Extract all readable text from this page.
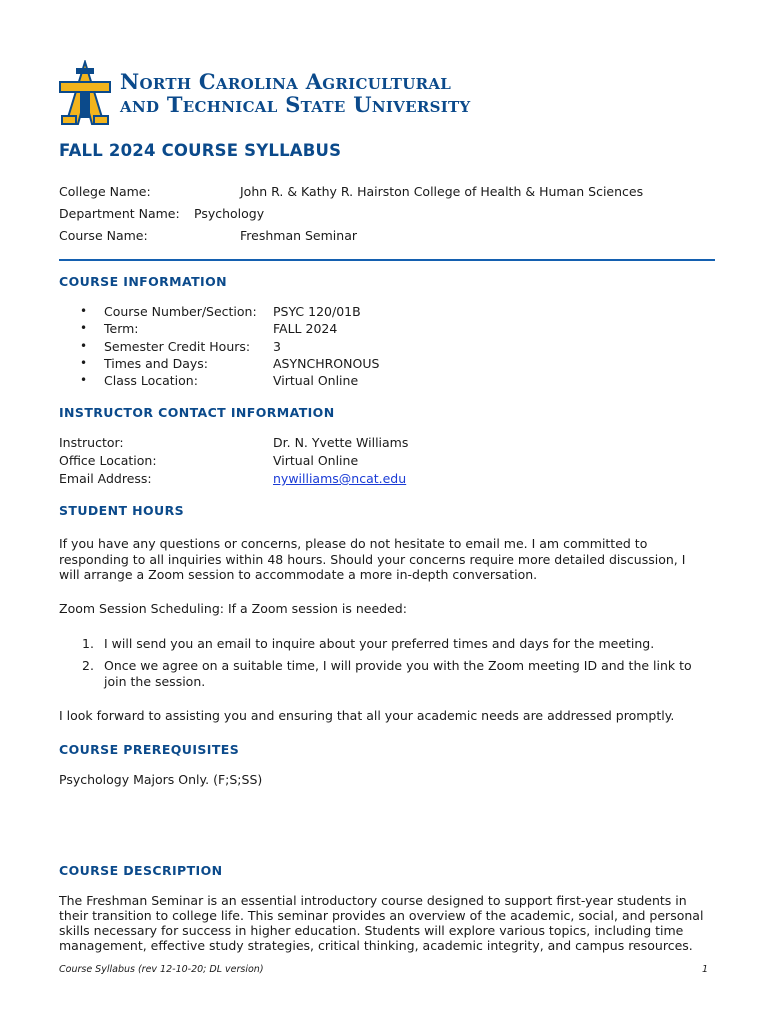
North Carolina Agricultural
and Technical State University
FALL 2024 COURSE SYLLABUS
College Name:	John R. & Kathy R. Hairston College of Health & Human Sciences
Department Name: Psychology
Course Name:	Freshman Seminar
COURSE INFORMATION
• Course Number/Section: PSYC 120/01B
• Term:	FALL 2024
• Semester Credit Hours: 3
• Times and Days:	ASYNCHRONOUS
• Class Location:	Virtual Online
INSTRUCTOR CONTACT INFORMATION
Instructor:	Dr. N. Yvette Williams
Office Location:	Virtual Online
Email Address:	nywilliams@ncat.edu
STUDENT HOURS
If you have any questions or concerns, please do not hesitate to email me. I am committed to
responding to all inquiries within 48 hours. Should your concerns require more detailed discussion, I
will arrange a Zoom session to accommodate a more in-depth conversation.
Zoom Session Scheduling: If a Zoom session is needed:
1. I will send you an email to inquire about your preferred times and days for the meeting.
2. Once we agree on a suitable time, I will provide you with the Zoom meeting ID and the link to
join the session.
I look forward to assisting you and ensuring that all your academic needs are addressed promptly.
COURSE PREREQUISITES
Psychology Majors Only. (F;S;SS)
COURSE DESCRIPTION
The Freshman Seminar is an essential introductory course designed to support first-year students in
their transition to college life. This seminar provides an overview of the academic, social, and personal
skills necessary for success in higher education. Students will explore various topics, including time
management, effective study strategies, critical thinking, academic integrity, and campus resources.
Course Syllabus (rev 12-10-20; DL version)	1
